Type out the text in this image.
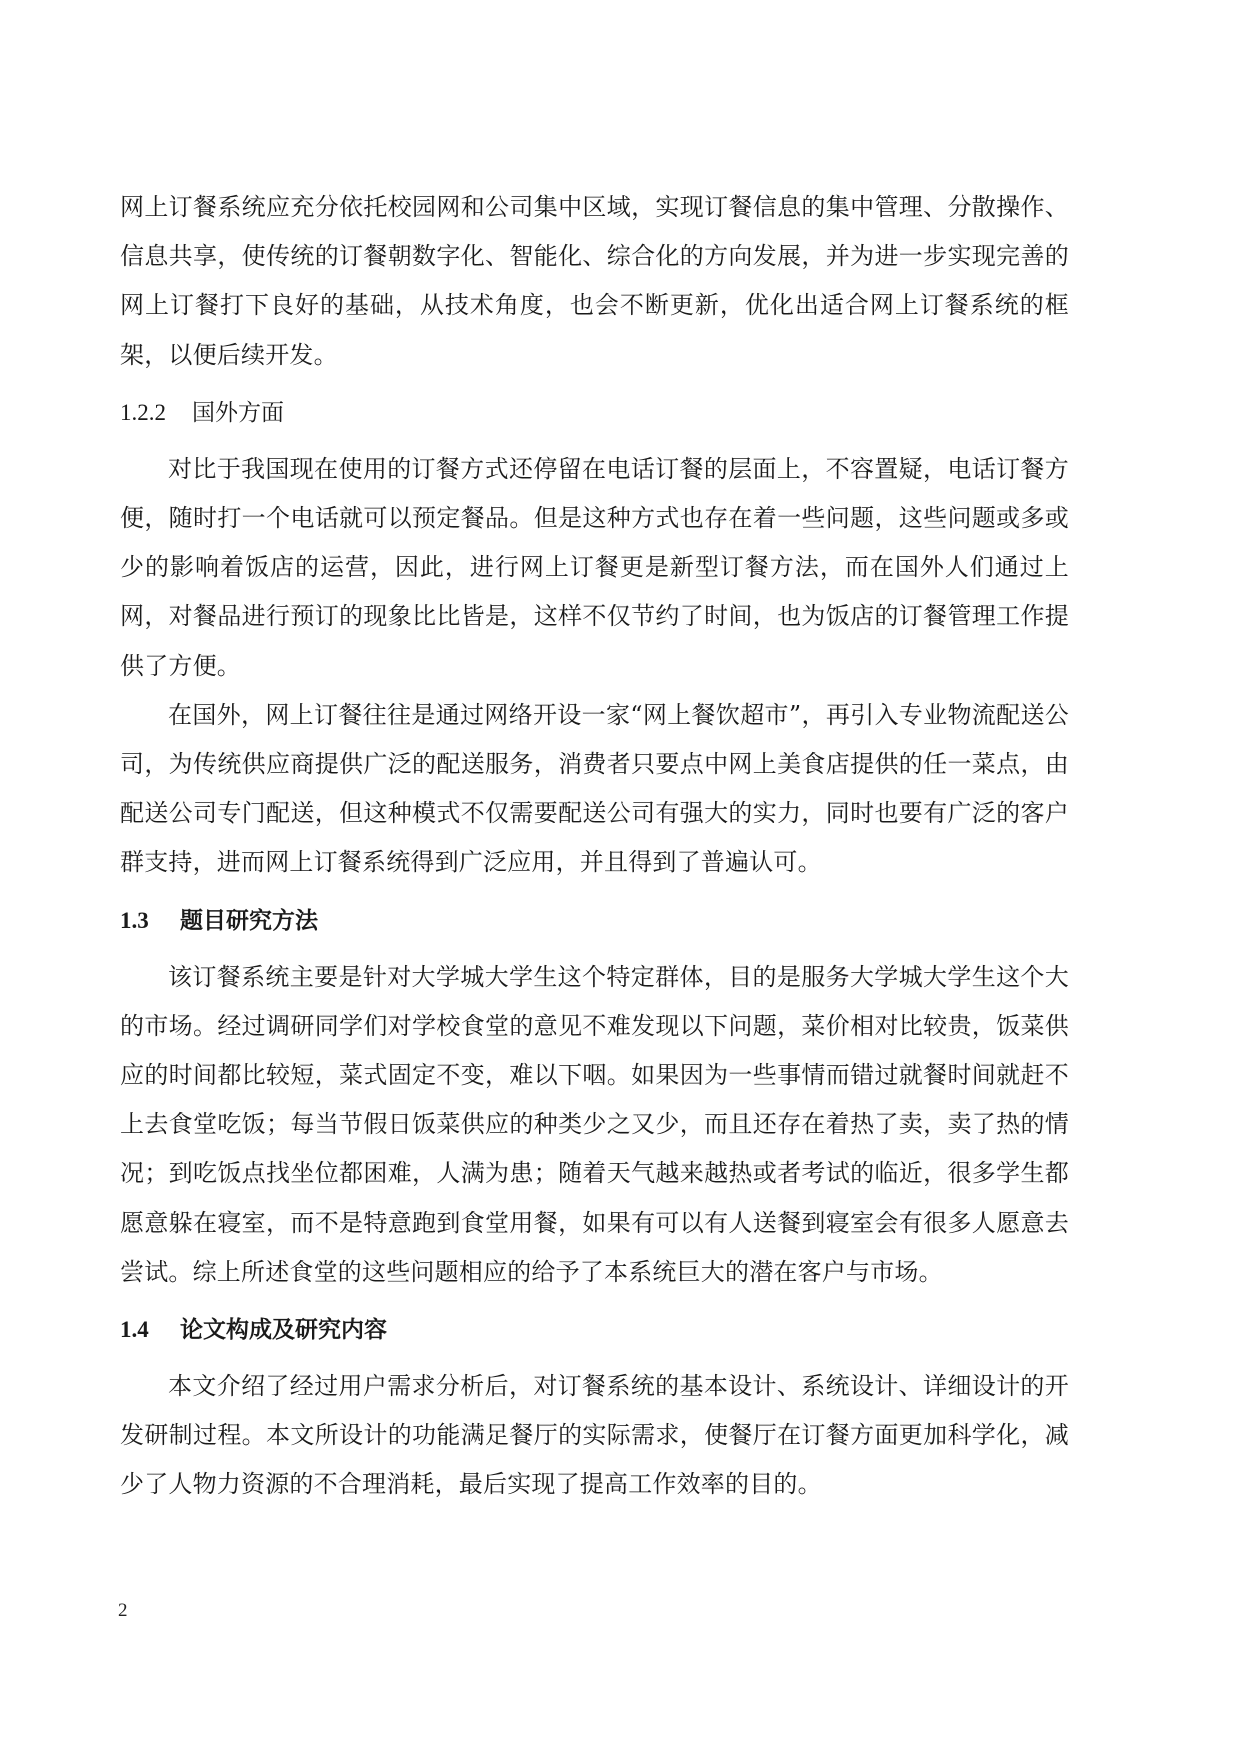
网上订餐系统应充分依托校园网和公司集中区域，实现订餐信息的集中管理、分散操作、信息共享，使传统的订餐朝数字化、智能化、综合化的方向发展，并为进一步实现完善的网上订餐打下良好的基础，从技术角度，也会不断更新，优化出适合网上订餐系统的框架，以便后续开发。

1.2.2 国外方面

对比于我国现在使用的订餐方式还停留在电话订餐的层面上，不容置疑，电话订餐方便，随时打一个电话就可以预定餐品。但是这种方式也存在着一些问题，这些问题或多或少的影响着饭店的运营，因此，进行网上订餐更是新型订餐方法，而在国外人们通过上网，对餐品进行预订的现象比比皆是，这样不仅节约了时间，也为饭店的订餐管理工作提供了方便。

在国外，网上订餐往往是通过网络开设一家“网上餐饮超市”，再引入专业物流配送公司，为传统供应商提供广泛的配送服务，消费者只要点中网上美食店提供的任一菜点，由配送公司专门配送，但这种模式不仅需要配送公司有强大的实力，同时也要有广泛的客户群支持，进而网上订餐系统得到广泛应用，并且得到了普遍认可。

1.3 题目研究方法

该订餐系统主要是针对大学城大学生这个特定群体，目的是服务大学城大学生这个大的市场。经过调研同学们对学校食堂的意见不难发现以下问题，菜价相对比较贵，饭菜供应的时间都比较短，菜式固定不变，难以下咽。如果因为一些事情而错过就餐时间就赶不上去食堂吃饭；每当节假日饭菜供应的种类少之又少，而且还存在着热了卖，卖了热的情况；到吃饭点找坐位都困难，人满为患；随着天气越来越热或者考试的临近，很多学生都愿意躲在寝室，而不是特意跑到食堂用餐，如果有可以有人送餐到寝室会有很多人愿意去尝试。综上所述食堂的这些问题相应的给予了本系统巨大的潜在客户与市场。

1.4 论文构成及研究内容

本文介绍了经过用户需求分析后，对订餐系统的基本设计、系统设计、详细设计的开发研制过程。本文所设计的功能满足餐厅的实际需求，使餐厅在订餐方面更加科学化，减少了人物力资源的不合理消耗，最后实现了提高工作效率的目的。

2
